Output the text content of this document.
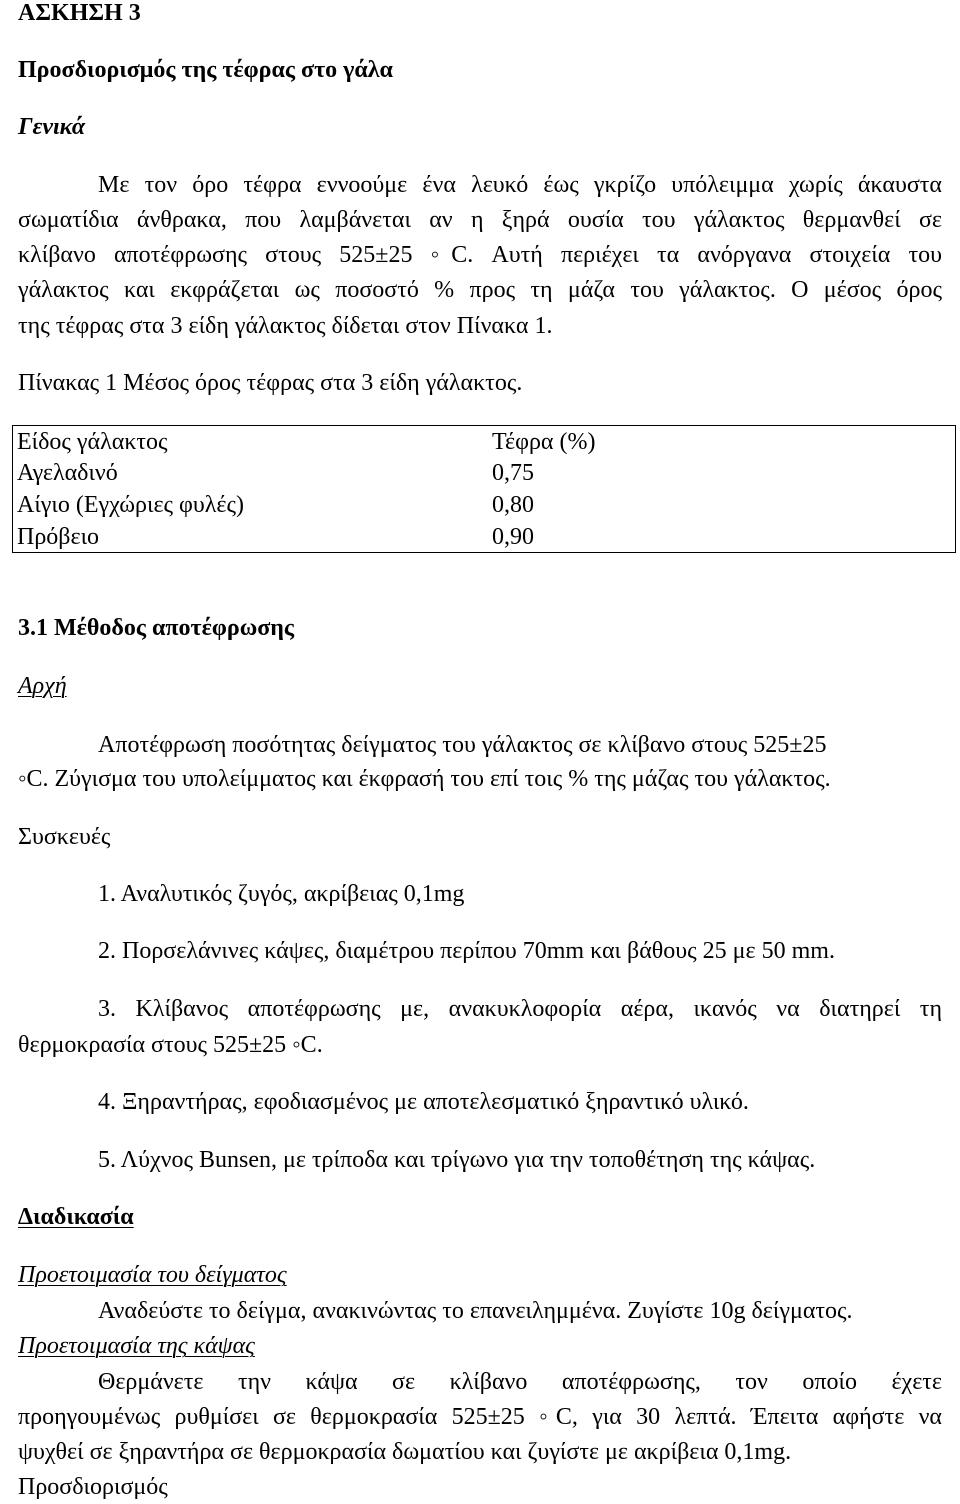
ΑΣΚΗΣΗ 3
Προσδιορισμός της τέφρας στο γάλα
Γενικά
Με τον όρο τέφρα εννοούμε ένα λευκό έως γκρίζο υπόλειμμα χωρίς άκαυστα
σωματίδια άνθρακα, που λαμβάνεται αν η ξηρά ουσία του γάλακτος θερμανθεί σε
κλίβανο αποτέφρωσης στους 525±25 ◦C. Αυτή περιέχει τα ανόργανα στοιχεία του
γάλακτος και εκφράζεται ως ποσοστό % προς τη μάζα του γάλακτος. Ο μέσος όρος
της τέφρας στα 3 είδη γάλακτος δίδεται στον Πίνακα 1.
Πίνακας 1 Μέσος όρος τέφρας στα 3 είδη γάλακτος.
Είδος γάλακτος	Τέφρα (%)
Αγελαδινό	0,75
Αίγιο (Εγχώριες φυλές)	0,80
Πρόβειο	0,90
3.1 Μέθοδος αποτέφρωσης
Αρχή
Αποτέφρωση ποσότητας δείγματος του γάλακτος σε κλίβανο στους 525±25
◦C. Ζύγισμα του υπολείμματος και έκφρασή του επί τοις % της μάζας του γάλακτος.
Συσκευές
1. Αναλυτικός ζυγός, ακρίβειας 0,1mg
2. Πορσελάνινες κάψες, διαμέτρου περίπου 70mm και βάθους 25 με 50 mm.
3. Κλίβανος αποτέφρωσης με, ανακυκλοφορία αέρα, ικανός να διατηρεί τη
θερμοκρασία στους 525±25 ◦C.
4. Ξηραντήρας, εφοδιασμένος με αποτελεσματικό ξηραντικό υλικό.
5. Λύχνος Bunsen, με τρίποδα και τρίγωνο για την τοποθέτηση της κάψας.
Διαδικασία
Προετοιμασία του δείγματος
Αναδεύστε το δείγμα, ανακινώντας το επανειλημμένα. Ζυγίστε 10g δείγματος.
Προετοιμασία της κάψας
Θερμάνετε την κάψα σε κλίβανο αποτέφρωσης, τον οποίο έχετε
προηγουμένως ρυθμίσει σε θερμοκρασία 525±25 ◦C, για 30 λεπτά. Έπειτα αφήστε να
ψυχθεί σε ξηραντήρα σε θερμοκρασία δωματίου και ζυγίστε με ακρίβεια 0,1mg.
Προσδιορισμός
